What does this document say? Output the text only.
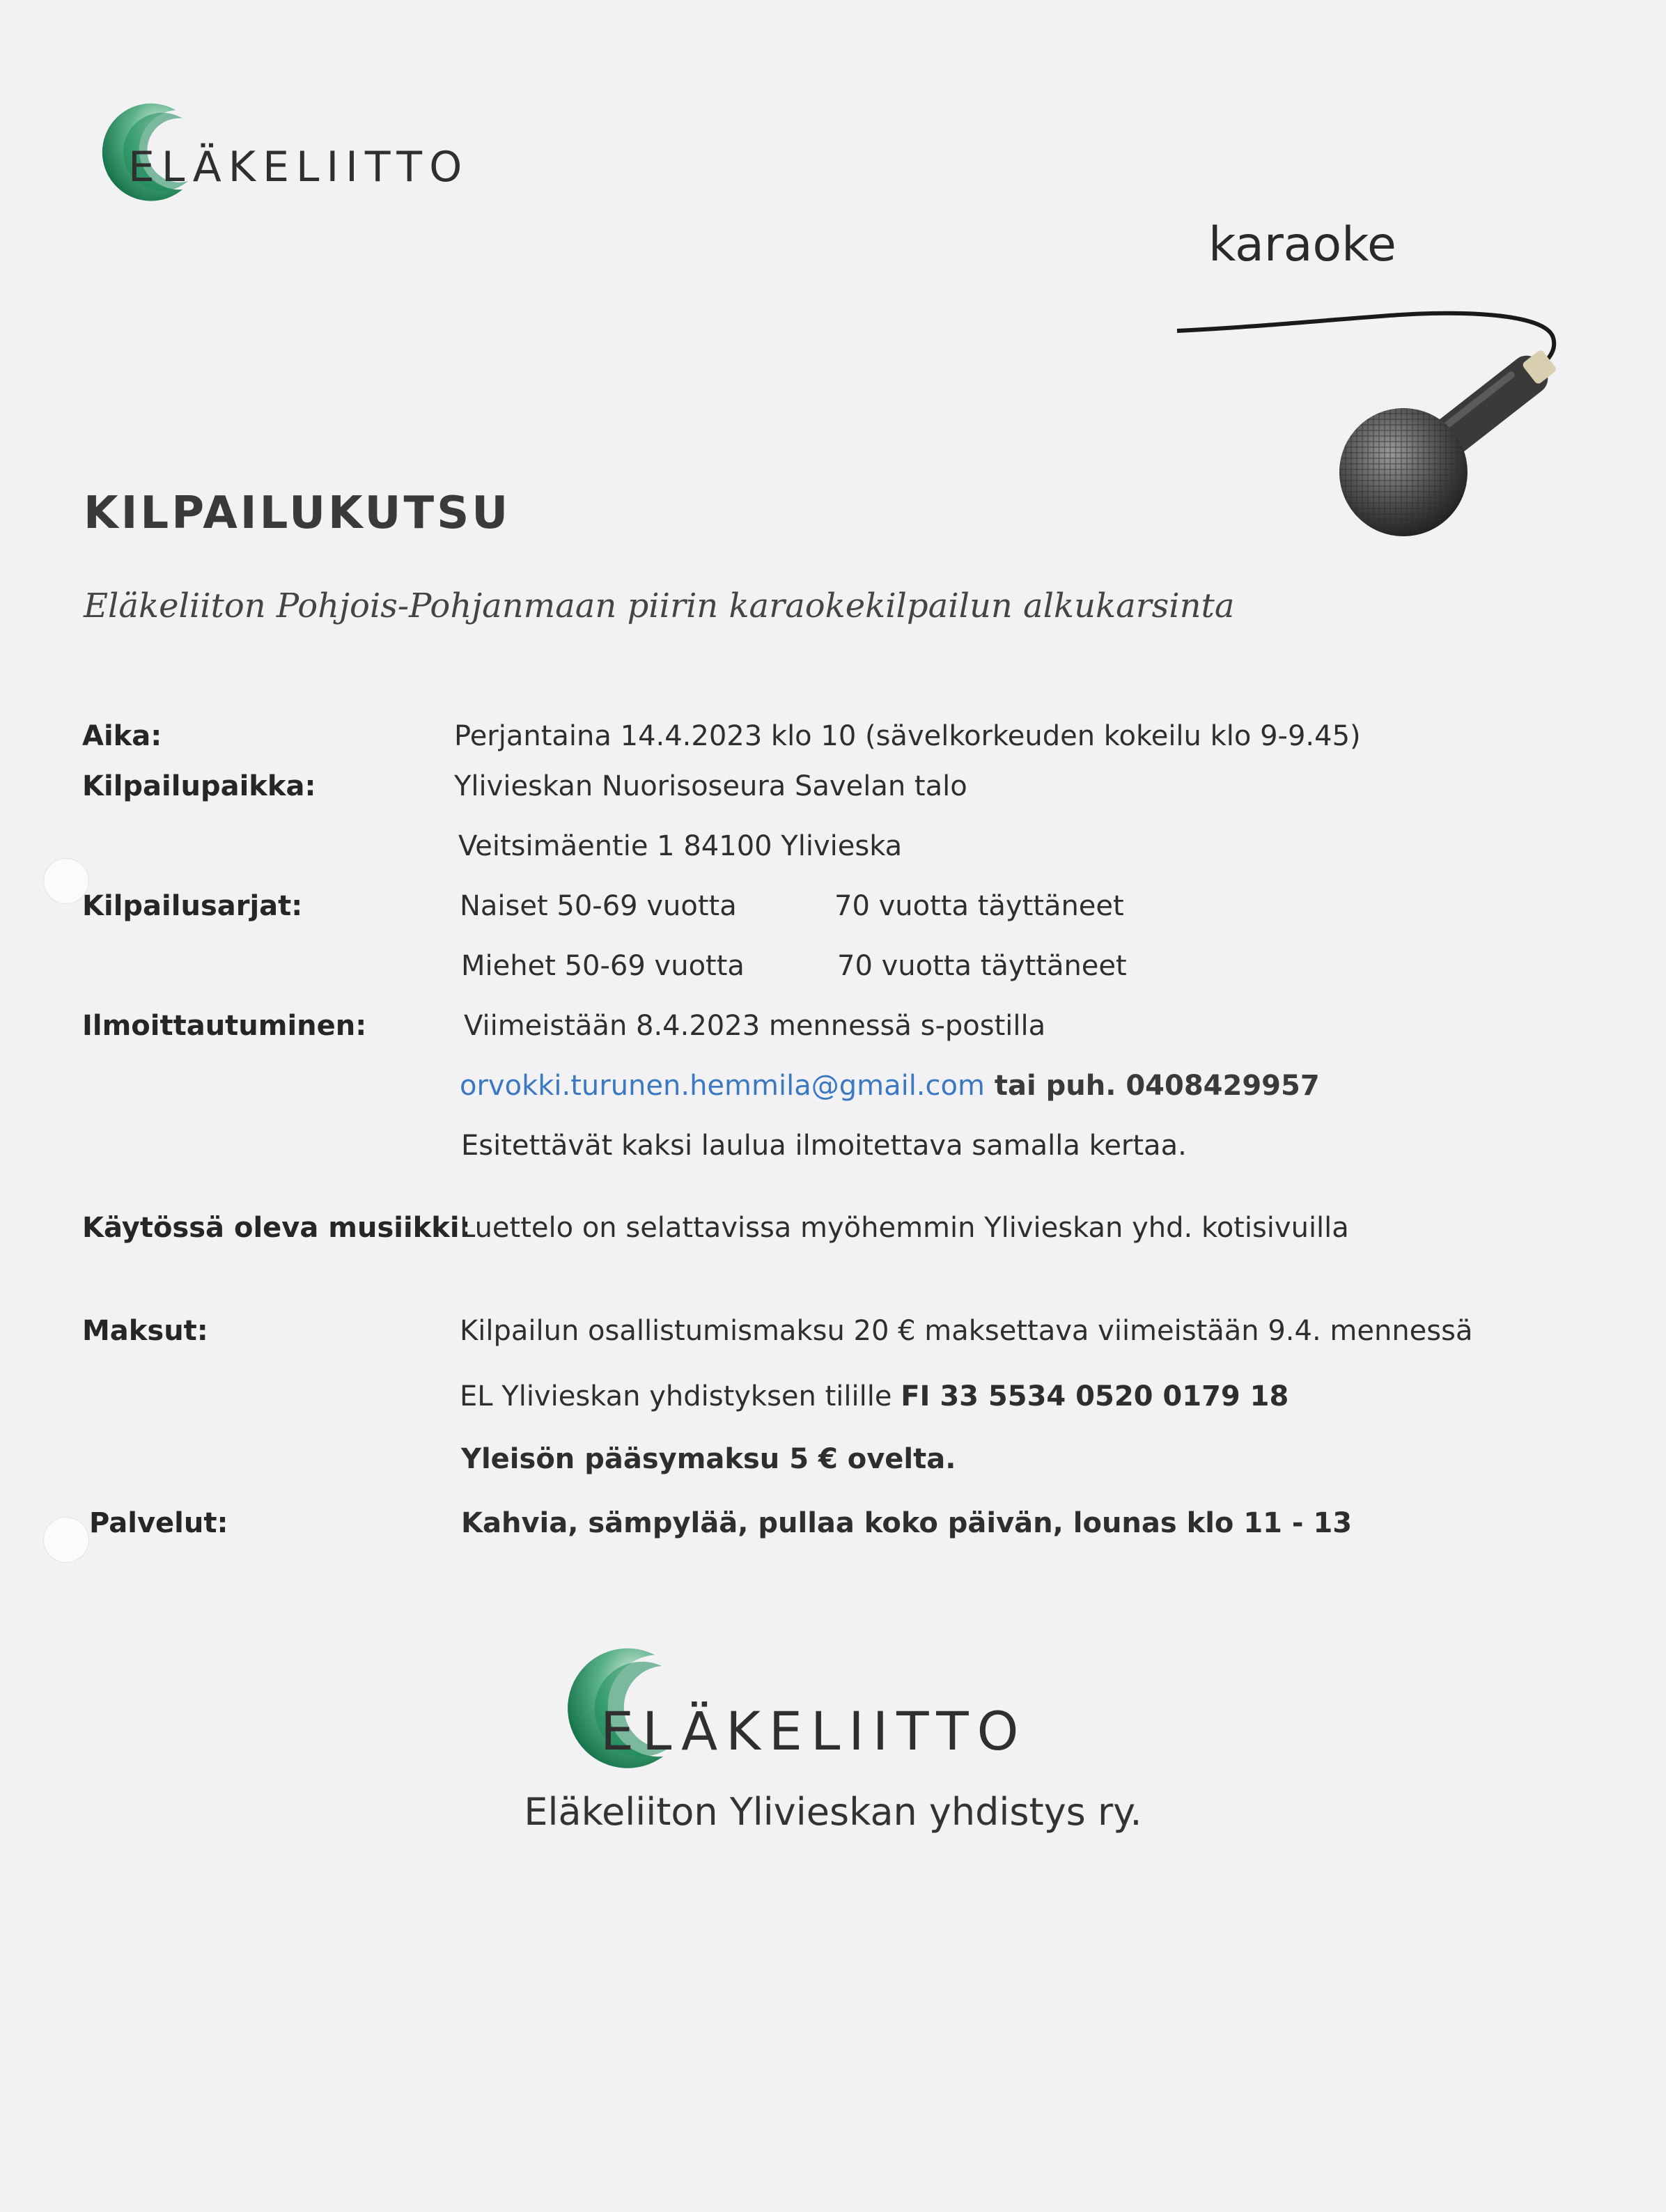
ELÄKELIITTO
karaoke
KILPAILUKUTSU
Eläkeliiton Pohjois-Pohjanmaan piirin karaokekilpailun alkukarsinta
Aika:	Perjantaina 14.4.2023 klo 10 (sävelkorkeuden kokeilu klo 9-9.45)
Kilpailupaikka:	Ylivieskan Nuorisoseura Savelan talo
Veitsimäentie 1 84100 Ylivieska
Kilpailusarjat:	Naiset 50-69 vuotta	70 vuotta täyttäneet
Miehet 50-69 vuotta	70 vuotta täyttäneet
Ilmoittautuminen:	Viimeistään 8.4.2023 mennessä s-postilla
orvokki.turunen.hemmila@gmail.com tai puh. 0408429957
Esitettävät kaksi laulua ilmoitettava samalla kertaa.
Käytössä oleva musiikki:
Luettelo on selattavissa myöhemmin Ylivieskan yhd. kotisivuilla
Maksut:	Kilpailun osallistumismaksu 20 € maksettava viimeistään 9.4. mennessä
EL Ylivieskan yhdistyksen tilille FI 33 5534 0520 0179 18
Yleisön pääsymaksu 5 € ovelta.
Palvelut:	Kahvia, sämpylää, pullaa koko päivän, lounas klo 11 - 13
ELÄKELIITTO
Eläkeliiton Ylivieskan yhdistys ry.
